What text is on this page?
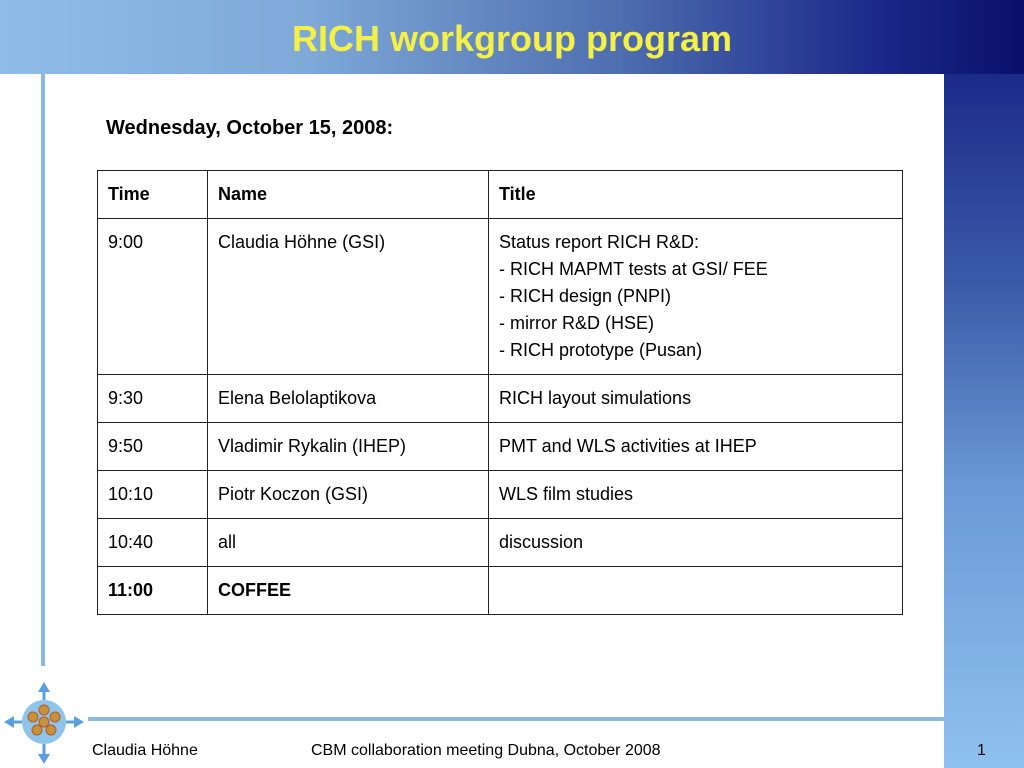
RICH workgroup program
Wednesday, October 15, 2008:
Time	Name	Title
9:00	Claudia Höhne (GSI)	Status report RICH R&D:
- RICH MAPMT tests at GSI/ FEE
- RICH design (PNPI)
- mirror R&D (HSE)
- RICH prototype (Pusan)

9:30	Elena Belolaptikova	RICH layout simulations

9:50	Vladimir Rykalin (IHEP)	PMT and WLS activities at IHEP

10:10	Piotr Koczon (GSI)	WLS film studies

10:40	all	discussion

11:00	COFFEE	
Claudia Höhne	CBM collaboration meeting Dubna, October 2008	1
